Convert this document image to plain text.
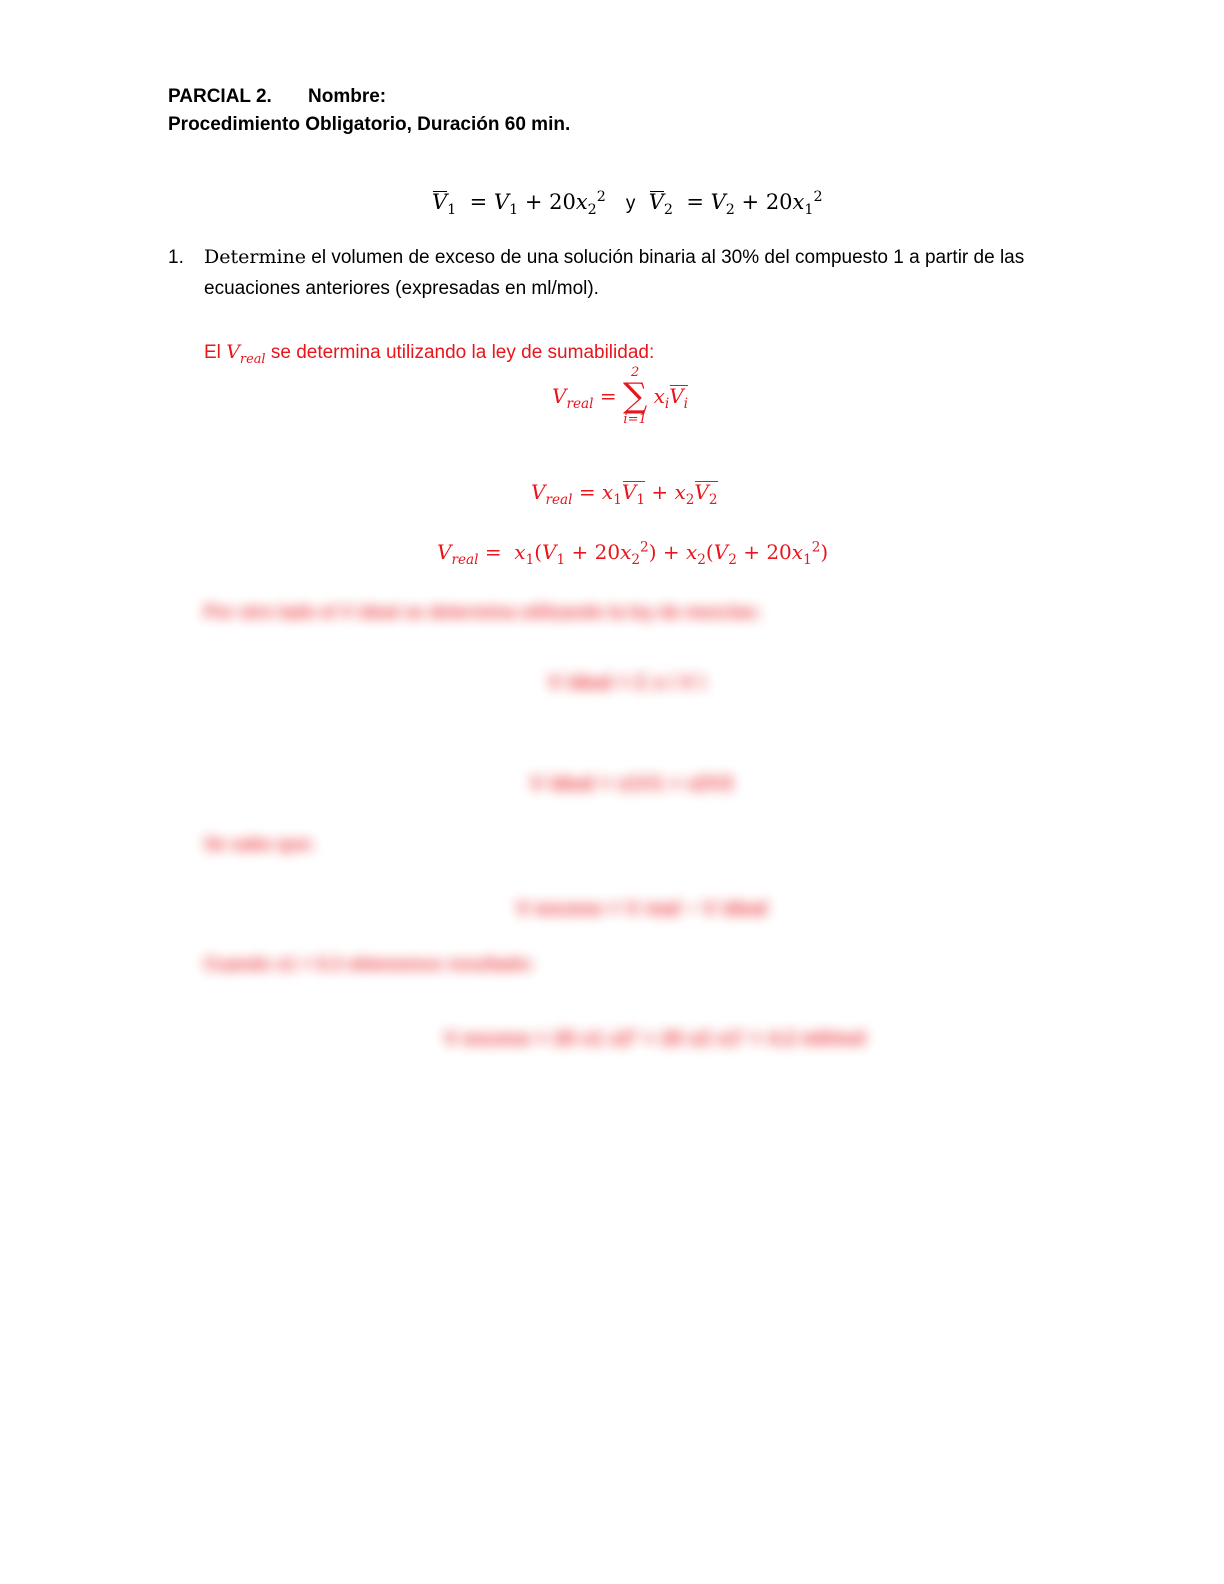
PARCIAL 2. Nombre:
Procedimiento Obligatorio, Duración 60 min.
$V_1 = V_1 + 20x_2^2$ y $V_2 = V_2 + 20x_1^2$
1. Determine el volumen de exceso de una solución binaria al 30% del compuesto 1 a partir de las
ecuaciones anteriores (expresadas en ml/mol).
El $V_{real}$ se determina utilizando la ley de sumabilidad:
$V_{real}$ =
2
∑
i=1
$x_iV_i$
$V_{real} = x_1V_1 + x_2V_2$
$V_{real} = x_1(V_1 + 20x_2^2) + x_2(V_2 + 20x_1^2)$
Por otro lado el V ideal se determina utilizando la ley de mezclas:
V ideal = Σ x i V i
V ideal = x1V1 + x2V2
Se sabe que:
V exceso = V real − V ideal
Cuando x1 = 0.3 obtenemos resultado:
V exceso = 20 x1 x2² + 20 x2 x1² = 4.2 ml/mol
